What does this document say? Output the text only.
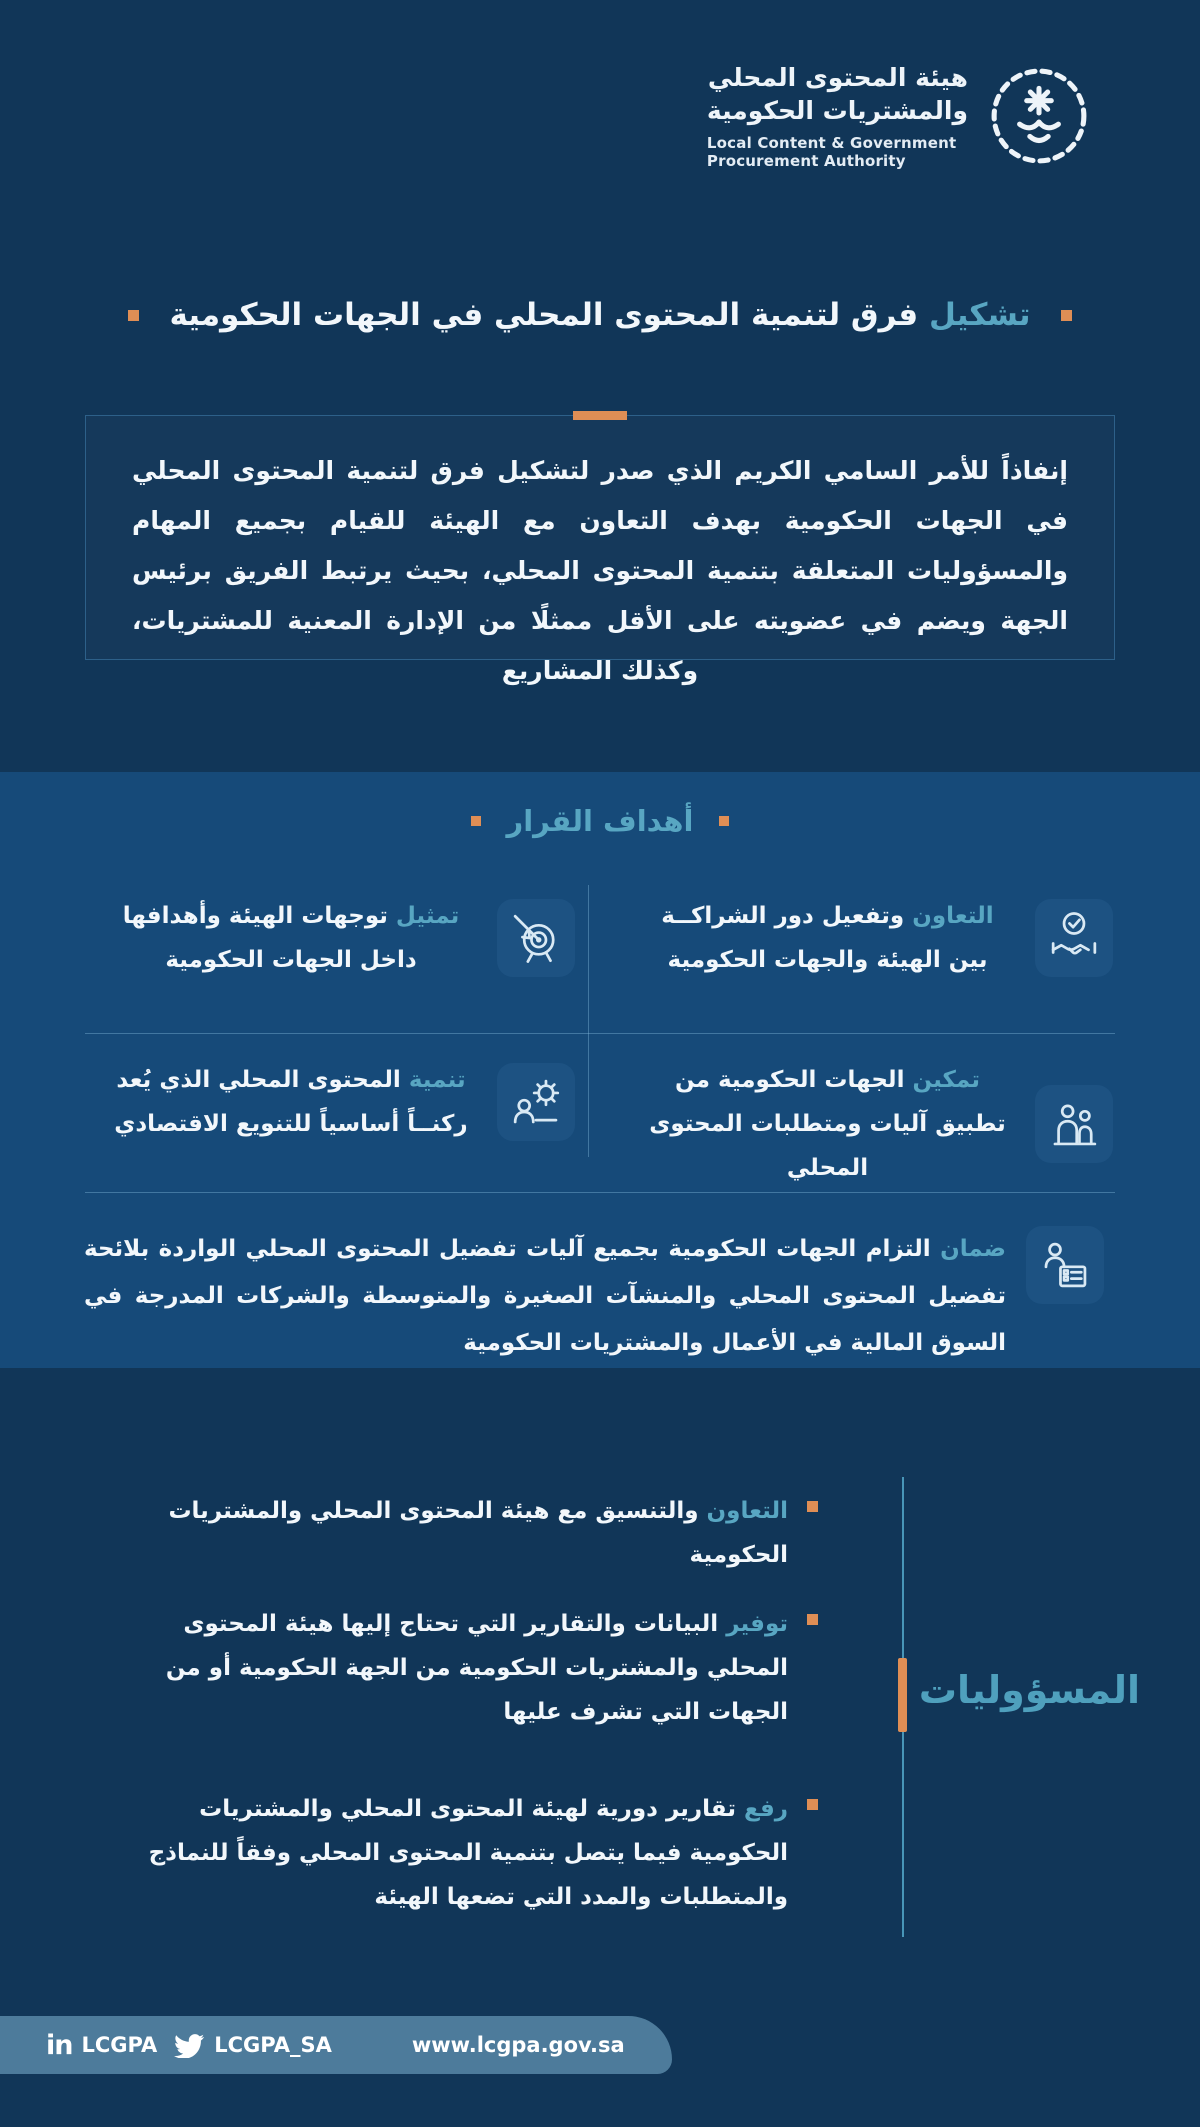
هيئة المحتوى المحلي
والمشتريات الحكومية
Local Content & Government
Procurement Authority
تشكيل فرق لتنمية المحتوى المحلي في الجهات الحكومية

إنفاذاً للأمر السامي الكريم الذي صدر لتشكيل فرق لتنمية المحتوى المحلي في الجهات الحكومية بهدف التعاون مع الهيئة للقيام بجميع المهام والمسؤوليات المتعلقة بتنمية المحتوى المحلي، بحيث يرتبط الفريق برئيس الجهة ويضم في عضويته على الأقل ممثلًا من الإدارة المعنية للمشتريات، وكذلك المشاريع

أهداف القرار
التعاون وتفعيل دور الشراكــة بين الهيئة والجهات الحكومية
تمثيل توجهات الهيئة وأهدافها داخل الجهات الحكومية
تمكين الجهات الحكومية من تطبيق آليات ومتطلبات المحتوى المحلي
تنمية المحتوى المحلي الذي يُعد ركنــاً أساسياً للتنويع الاقتصادي
ضمان التزام الجهات الحكومية بجميع آليات تفضيل المحتوى المحلي الواردة بلائحة تفضيل المحتوى المحلي والمنشآت الصغيرة والمتوسطة والشركات المدرجة في السوق المالية في الأعمال والمشتريات الحكومية
المسؤوليات
التعاون والتنسيق مع هيئة المحتوى المحلي والمشتريات الحكومية
توفير البيانات والتقارير التي تحتاج إليها هيئة المحتوى المحلي والمشتريات الحكومية من الجهة الحكومية أو من الجهات التي تشرف عليها
رفع تقارير دورية لهيئة المحتوى المحلي والمشتريات الحكومية فيما يتصل بتنمية المحتوى المحلي وفقاً للنماذج والمتطلبات والمدد التي تضعها الهيئة
in LCGPA	LCGPA_SA	www.lcgpa.gov.sa
